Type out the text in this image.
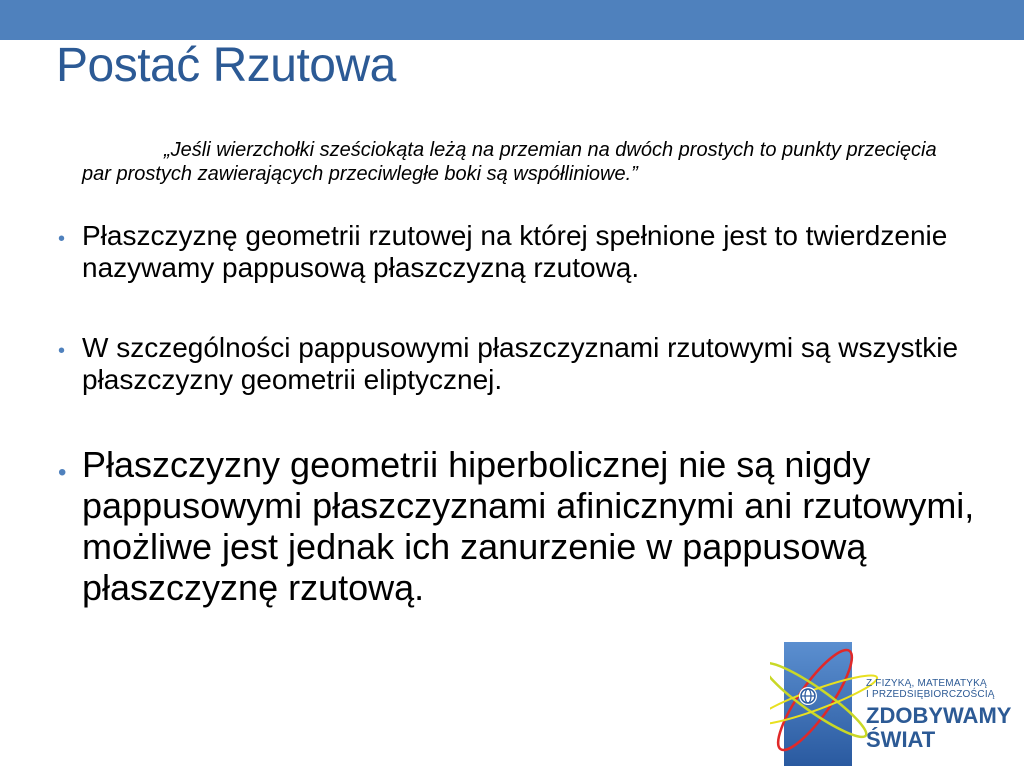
Postać Rzutowa

„Jeśli wierzchołki sześciokąta leżą na przemian na dwóch prostych to punkty przecięcia par prostych zawierających przeciwległe boki są współliniowe.”

• Płaszczyznę geometrii rzutowej na której spełnione jest to twierdzenie nazywamy pappusową płaszczyzną rzutową.
• W szczególności pappusowymi płaszczyznami rzutowymi są wszystkie płaszczyzny geometrii eliptycznej.
• Płaszczyzny geometrii hiperbolicznej nie są nigdy pappusowymi płaszczyznami afinicznymi ani rzutowymi, możliwe jest jednak ich zanurzenie w pappusową płaszczyznę rzutową.
Z FIZYKĄ, MATEMATYKĄ
I PRZEDSIĘBIORCZOŚCIĄ
ZDOBYWAMY
ŚWIAT
